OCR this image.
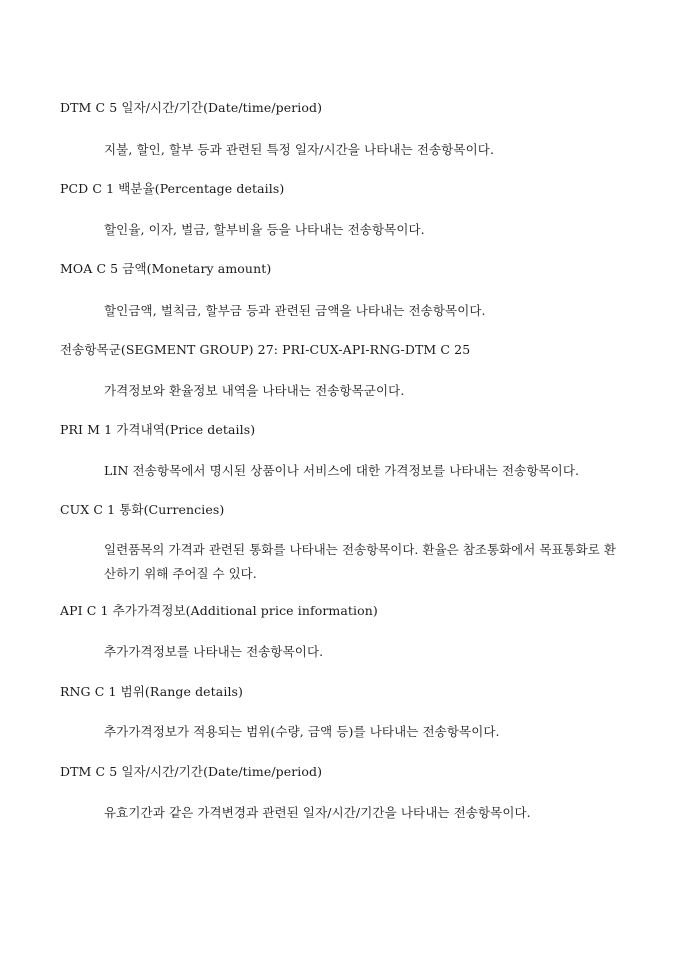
DTM C 5 일자/시간/기간(Date/time/period)
지불, 할인, 할부 등과 관련된 특정 일자/시간을 나타내는 전송항목이다.
PCD C 1 백분율(Percentage details)
할인율, 이자, 벌금, 할부비율 등을 나타내는 전송항목이다.
MOA C 5 금액(Monetary amount)
할인금액, 벌칙금, 할부금 등과 관련된 금액을 나타내는 전송항목이다.
전송항목군(SEGMENT GROUP) 27: PRI-CUX-API-RNG-DTM C 25
가격정보와 환율정보 내역을 나타내는 전송항목군이다.
PRI M 1 가격내역(Price details)
LIN 전송항목에서 명시된 상품이나 서비스에 대한 가격정보를 나타내는 전송항목이다.
CUX C 1 통화(Currencies)
일련품목의 가격과 관련된 통화를 나타내는 전송항목이다. 환율은 참조통화에서 목표통화로 환산하기 위해 주어질 수 있다.
API C 1 추가가격정보(Additional price information)
추가가격정보를 나타내는 전송항목이다.
RNG C 1 범위(Range details)
추가가격정보가 적용되는 범위(수량, 금액 등)를 나타내는 전송항목이다.
DTM C 5 일자/시간/기간(Date/time/period)
유효기간과 같은 가격변경과 관련된 일자/시간/기간을 나타내는 전송항목이다.
